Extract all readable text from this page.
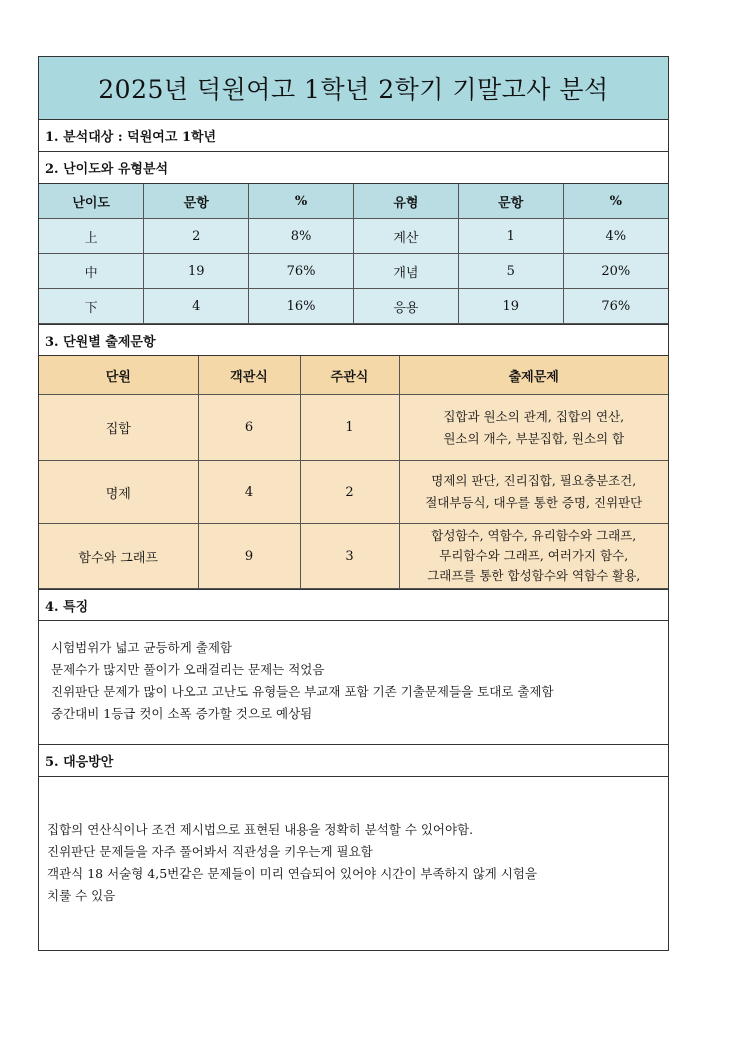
2025년 덕원여고 1학년 2학기 기말고사 분석
1. 분석대상 : 덕원여고 1학년
2. 난이도와 유형분석
난이도	문항	%	유형	문항	%
上	2	8%	계산	1	4%
中	19	76%	개념	5	20%
下	4	16%	응용	19	76%
3. 단원별 출제문항
단원	객관식	주관식	출제문제
집합	6	1	집합과 원소의 관계, 집합의 연산,
원소의 개수, 부분집합, 원소의 합

명제	4	2	명제의 판단, 진리집합, 필요충분조건,
절대부등식, 대우를 통한 증명, 진위판단

함수와 그래프	9	3	합성함수, 역함수, 유리함수와 그래프,
무리함수와 그래프, 여러가지 함수,
그래프를 통한 합성함수와 역함수 활용,
4. 특징
시험범위가 넓고 균등하게 출제함
문제수가 많지만 풀이가 오래걸리는 문제는 적었음
진위판단 문제가 많이 나오고 고난도 유형들은 부교재 포함 기존 기출문제들을 토대로 출제함
중간대비 1등급 컷이 소폭 증가할 것으로 예상됨
5. 대응방안
집합의 연산식이나 조건 제시법으로 표현된 내용을 정확히 분석할 수 있어야함.
진위판단 문제들을 자주 풀어봐서 직관성을 키우는게 필요함
객관식 18 서술형 4,5번같은 문제들이 미리 연습되어 있어야 시간이 부족하지 않게 시험을
치룰 수 있음
